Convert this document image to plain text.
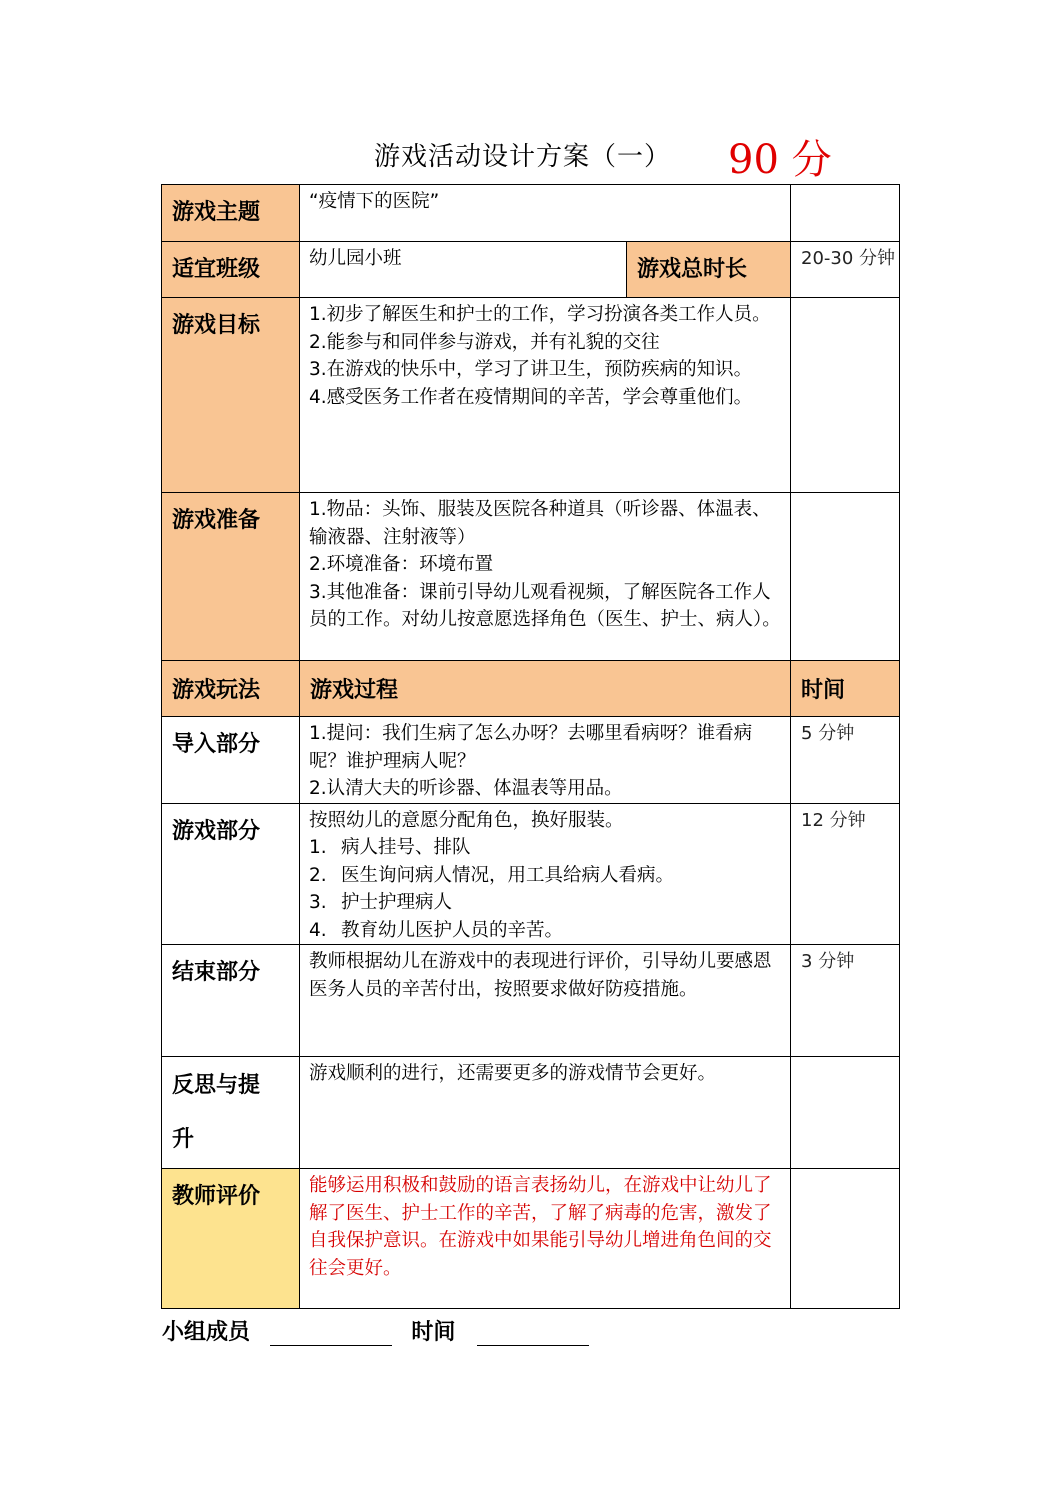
游戏活动设计方案（一） 90 分
游戏主题	“疫情下的医院”		
适宜班级	幼儿园小班	游戏总时长	20-30 分钟
游戏目标	1.初步了解医生和护士的工作，学习扮演各类工作人员。

2.能参与和同伴参与游戏，并有礼貌的交往

3.在游戏的快乐中，学习了讲卫生，预防疾病的知识。

4.感受医务工作者在疫情期间的辛苦，学会尊重他们。		

游戏准备	1.物品：头饰、服装及医院各种道具（听诊器、体温表、输液器、注射液等）

2.环境准备：环境布置

3.其他准备：课前引导幼儿观看视频，了解医院各工作人员的工作。对幼儿按意愿选择角色（医生、护士、病人）。		

游戏玩法	游戏过程		时间
导入部分	1.提问：我们生病了怎么办呀？去哪里看病呀？谁看病呢？谁护理病人呢？

2.认清大夫的听诊器、体温表等用品。		5 分钟
游戏部分	按照幼儿的意愿分配角色，换好服装。

1. 病人挂号、排队

2. 医生询问病人情况，用工具给病人看病。

3. 护士护理病人

4. 教育幼儿医护人员的辛苦。		12 分钟
结束部分	教师根据幼儿在游戏中的表现进行评价，引导幼儿要感恩医务人员的辛苦付出，按照要求做好防疫措施。		3 分钟
反思与提
升	游戏顺利的进行，还需要更多的游戏情节会更好。		
教师评价	能够运用积极和鼓励的语言表扬幼儿，在游戏中让幼儿了解了医生、护士工作的辛苦，了解了病毒的危害，激发了自我保护意识。在游戏中如果能引导幼儿增进角色间的交往会更好。		
小组成员	时间
